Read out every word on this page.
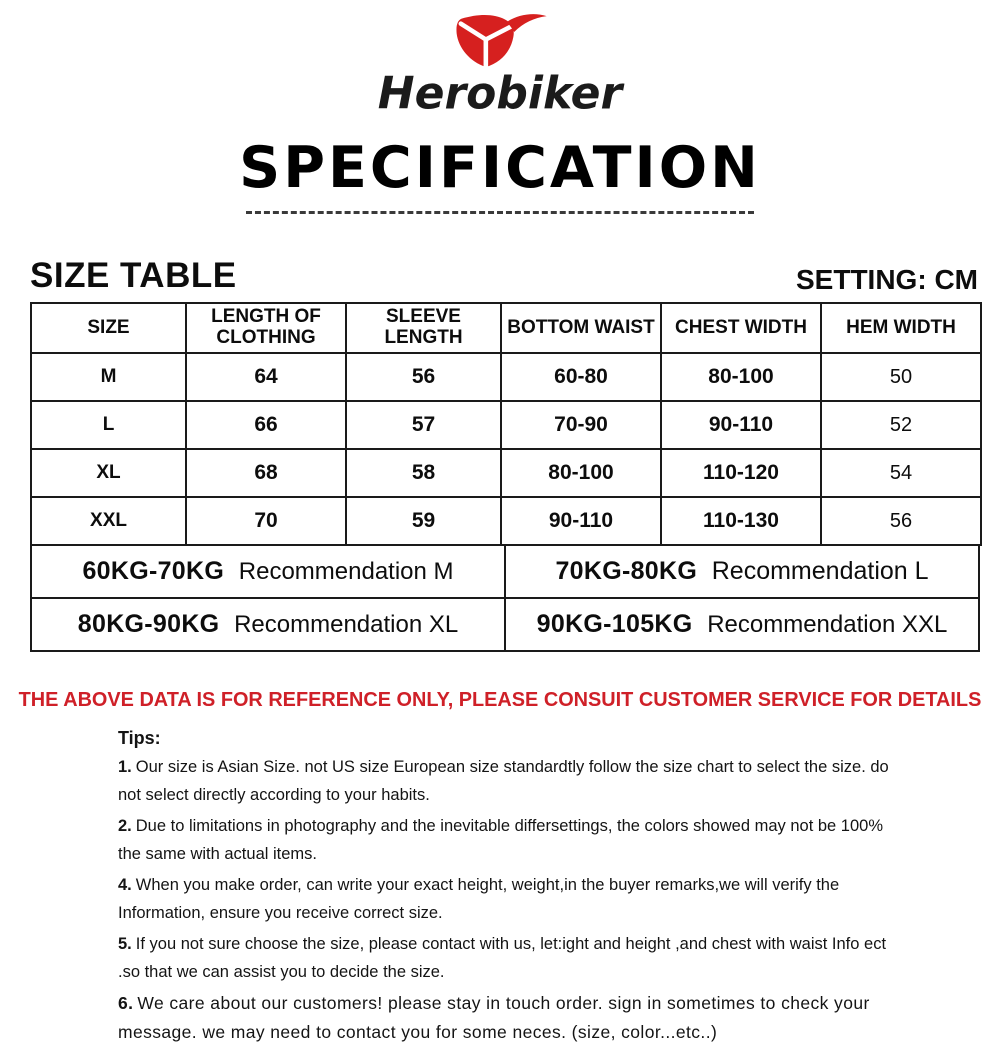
Herobiker
SPECIFICATION
SIZE TABLE	SETTING: CM
SIZE	LENGTH OF CLOTHING	SLEEVE LENGTH	BOTTOM WAIST	CHEST WIDTH	HEM WIDTH
M	64	56	60-80	80-100	50
L	66	57	70-90	90-110	52
XL	68	58	80-100	110-120	54
XXL	70	59	90-110	110-130	56
60KG-70KG Recommendation M	70KG-80KG Recommendation L
80KG-90KG Recommendation XL	90KG-105KG Recommendation XXL
THE ABOVE DATA IS FOR REFERENCE ONLY, PLEASE CONSUIT CUSTOMER SERVICE FOR DETAILS
Tips:
1. Our size is Asian Size. not US size European size standardtly follow the size chart to select the size. do not select directly according to your habits.
2. Due to limitations in photography and the inevitable differsettings, the colors showed may not be 100% the same with actual items.
4. When you make order, can write your exact height, weight,in the buyer remarks,we will verify the Information, ensure you receive correct size.
5. If you not sure choose the size, please contact with us, let:ight and height ,and chest with waist Info ect .so that we can assist you to decide the size.
6. We care about our customers! please stay in touch order. sign in sometimes to check your message. we may need to contact you for some neces. (size, color...etc..)
